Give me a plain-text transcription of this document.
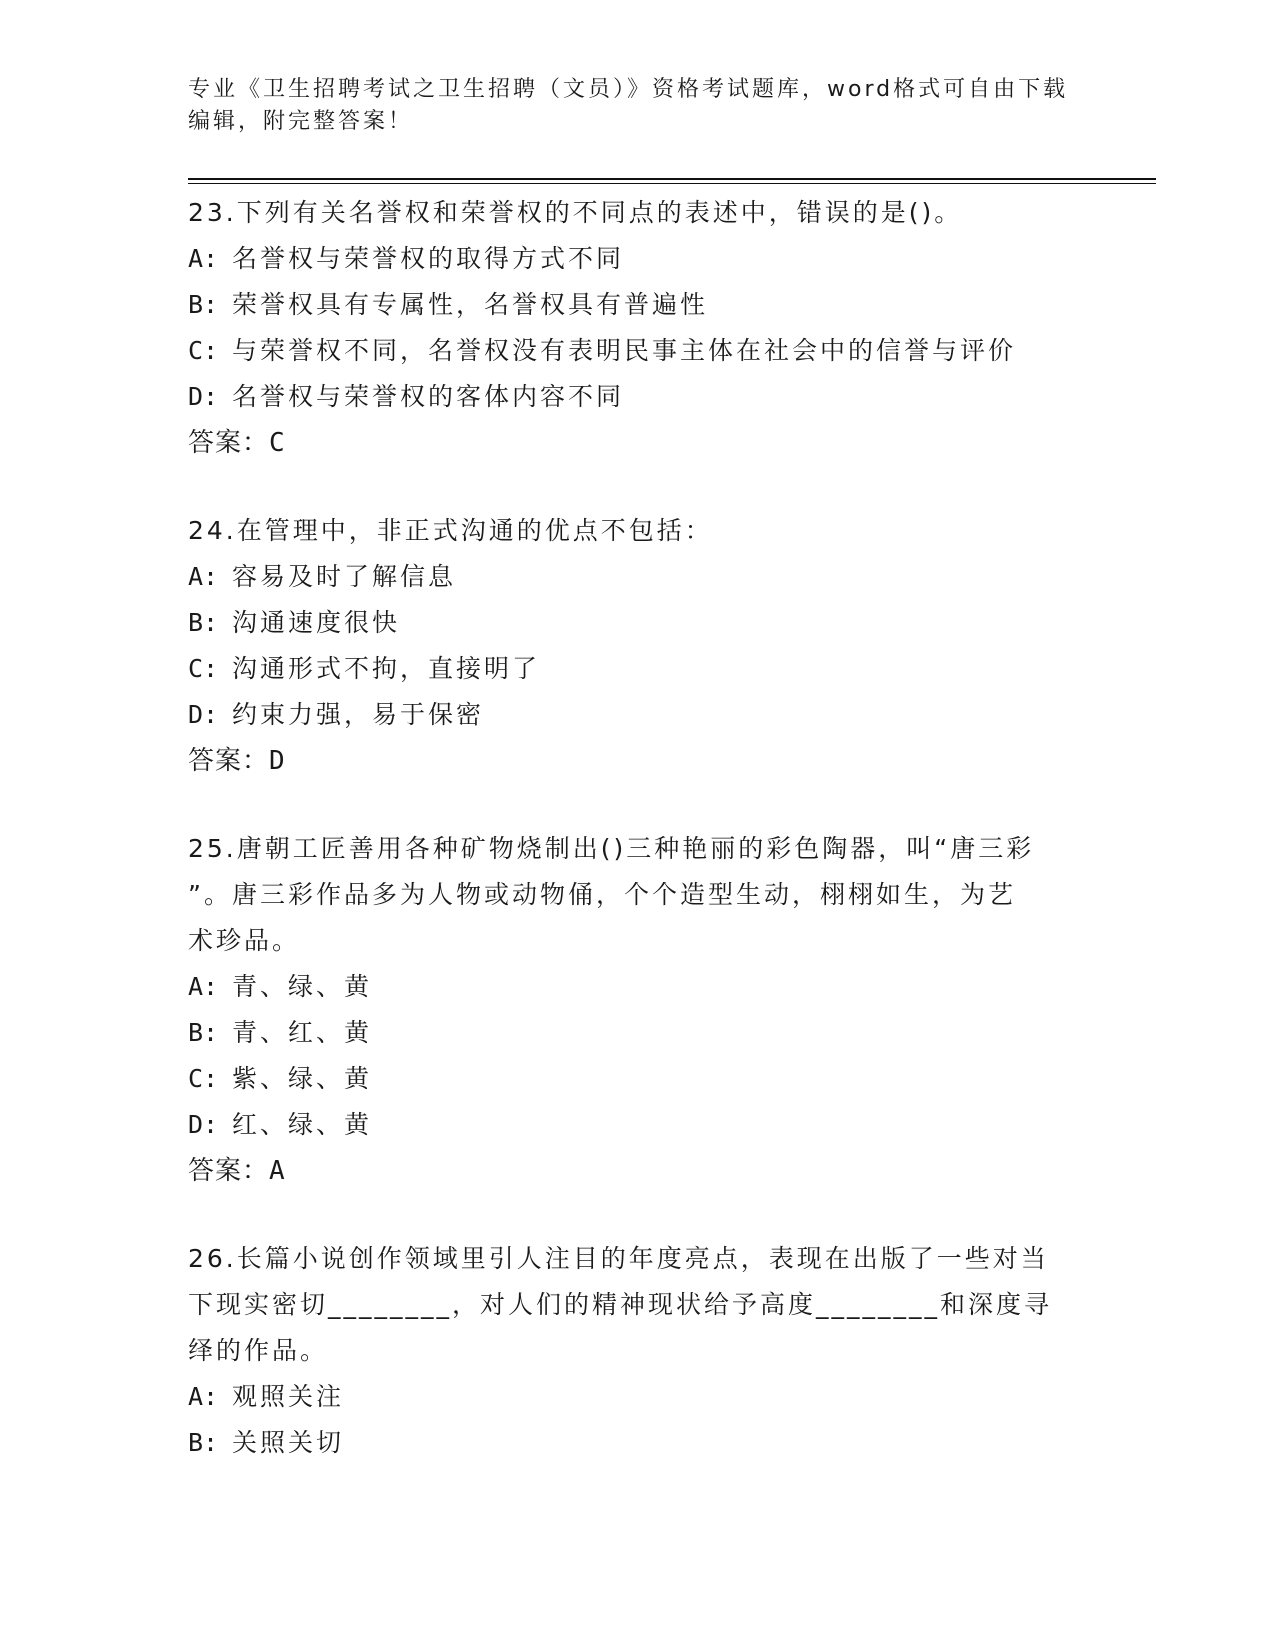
专业《卫生招聘考试之卫生招聘（文员）》资格考试题库，word格式可自由下载
编辑，附完整答案！
23.下列有关名誉权和荣誉权的不同点的表述中，错误的是()。
A: 名誉权与荣誉权的取得方式不同
B: 荣誉权具有专属性，名誉权具有普遍性
C: 与荣誉权不同，名誉权没有表明民事主体在社会中的信誉与评价
D: 名誉权与荣誉权的客体内容不同
答案：C
24.在管理中，非正式沟通的优点不包括：
A: 容易及时了解信息
B: 沟通速度很快
C: 沟通形式不拘，直接明了
D: 约束力强，易于保密
答案：D
25.唐朝工匠善用各种矿物烧制出()三种艳丽的彩色陶器，叫“唐三彩
”。唐三彩作品多为人物或动物俑，个个造型生动，栩栩如生，为艺
术珍品。
A: 青、绿、黄
B: 青、红、黄
C: 紫、绿、黄
D: 红、绿、黄
答案：A
26.长篇小说创作领域里引人注目的年度亮点，表现在出版了一些对当
下现实密切________，对人们的精神现状给予高度________和深度寻
绎的作品。
A: 观照关注
B: 关照关切
